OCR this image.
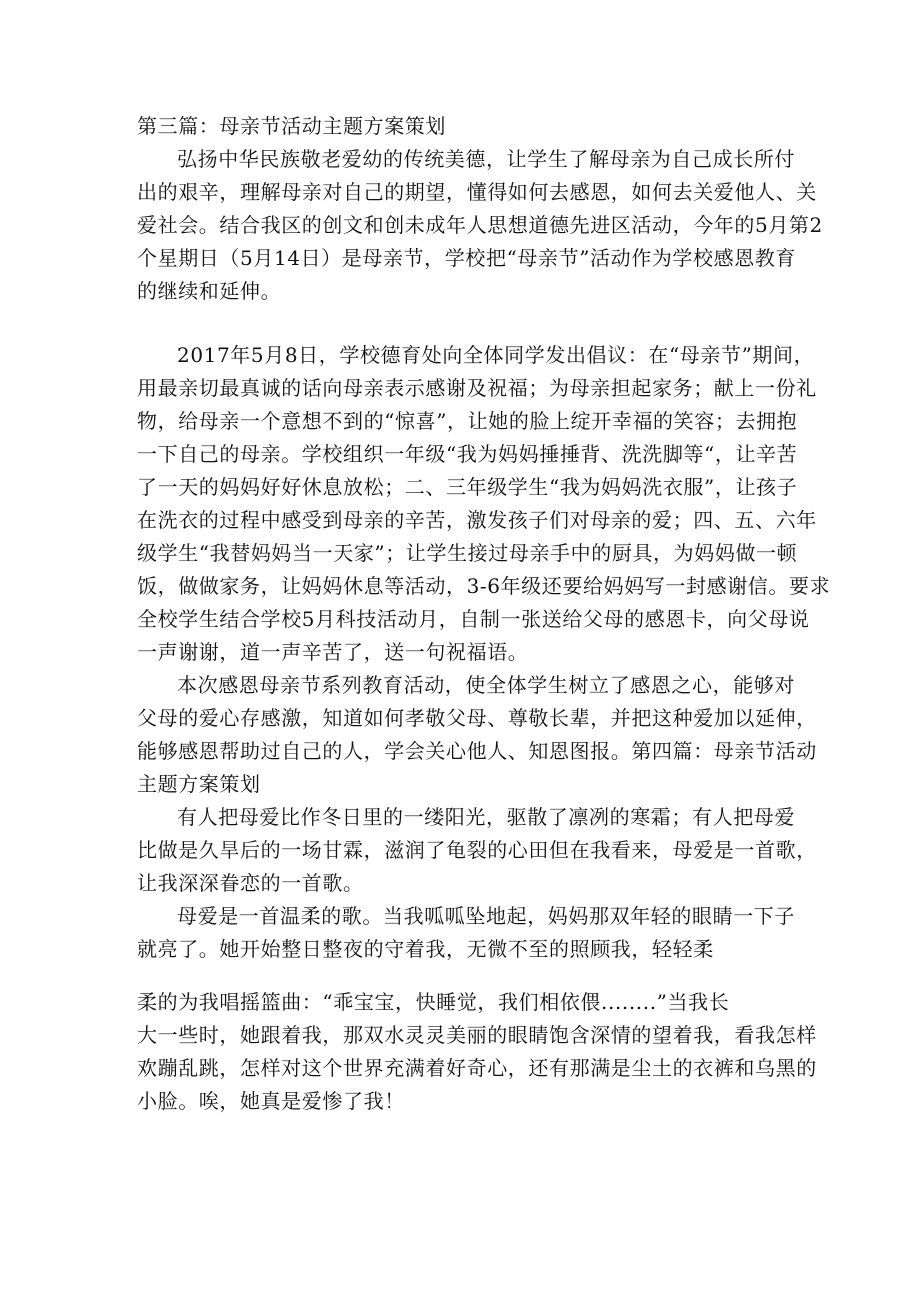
第三篇：母亲节活动主题方案策划
弘扬中华民族敬老爱幼的传统美德，让学生了解母亲为自己成长所付
出的艰辛，理解母亲对自己的期望，懂得如何去感恩，如何去关爱他人、关
爱社会。结合我区的创文和创未成年人思想道德先进区活动，今年的5月第2
个星期日（5月14日）是母亲节，学校把“母亲节”活动作为学校感恩教育
的继续和延伸。
2017年5月8日，学校德育处向全体同学发出倡议：在“母亲节”期间，
用最亲切最真诚的话向母亲表示感谢及祝福；为母亲担起家务；献上一份礼
物，给母亲一个意想不到的“惊喜”，让她的脸上绽开幸福的笑容；去拥抱
一下自己的母亲。学校组织一年级“我为妈妈捶捶背、洗洗脚等“，让辛苦
了一天的妈妈好好休息放松；二、三年级学生“我为妈妈洗衣服”，让孩子
在洗衣的过程中感受到母亲的辛苦，激发孩子们对母亲的爱；四、五、六年
级学生“我替妈妈当一天家”；让学生接过母亲手中的厨具，为妈妈做一顿
饭，做做家务，让妈妈休息等活动，3-6年级还要给妈妈写一封感谢信。要求
全校学生结合学校5月科技活动月，自制一张送给父母的感恩卡，向父母说
一声谢谢，道一声辛苦了，送一句祝福语。
本次感恩母亲节系列教育活动，使全体学生树立了感恩之心，能够对
父母的爱心存感激，知道如何孝敬父母、尊敬长辈，并把这种爱加以延伸，
能够感恩帮助过自己的人，学会关心他人、知恩图报。第四篇：母亲节活动
主题方案策划
有人把母爱比作冬日里的一缕阳光，驱散了凛冽的寒霜；有人把母爱
比做是久旱后的一场甘霖，滋润了龟裂的心田但在我看来，母爱是一首歌，
让我深深眷恋的一首歌。
母爱是一首温柔的歌。当我呱呱坠地起，妈妈那双年轻的眼睛一下子
就亮了。她开始整日整夜的守着我，无微不至的照顾我，轻轻柔
柔的为我唱摇篮曲：“乖宝宝，快睡觉，我们相依偎........”当我长
大一些时，她跟着我，那双水灵灵美丽的眼睛饱含深情的望着我，看我怎样
欢蹦乱跳，怎样对这个世界充满着好奇心，还有那满是尘土的衣裤和乌黑的
小脸。唉，她真是爱惨了我！
